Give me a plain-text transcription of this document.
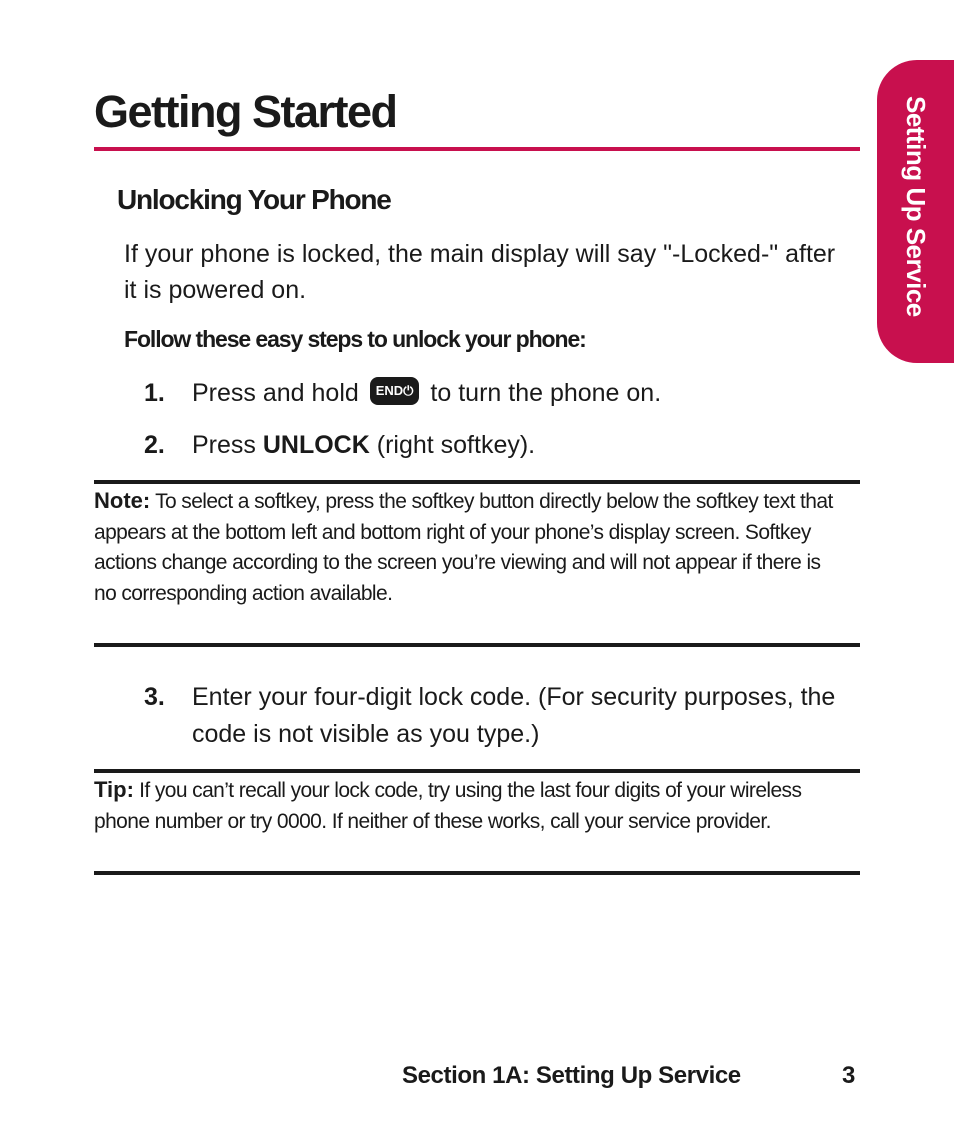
Getting Started	Setting Up Service
Unlocking Your Phone

If your phone is locked, the main display will say "-Locked-" after it is powered on.

Follow these easy steps to unlock your phone:

1. Press and hold END⏻ to turn the phone on.
2. Press UNLOCK (right softkey).

Note: To select a softkey, press the softkey button directly below the softkey text that appears at the bottom left and bottom right of your phone’s display screen. Softkey actions change according to the screen you’re viewing and will not appear if there is no corresponding action available.

3. Enter your four-digit lock code. (For security purposes, the code is not visible as you type.)

Tip: If you can’t recall your lock code, try using the last four digits of your wireless phone number or try 0000. If neither of these works, call your service provider.

Section 1A: Setting Up Service	3
